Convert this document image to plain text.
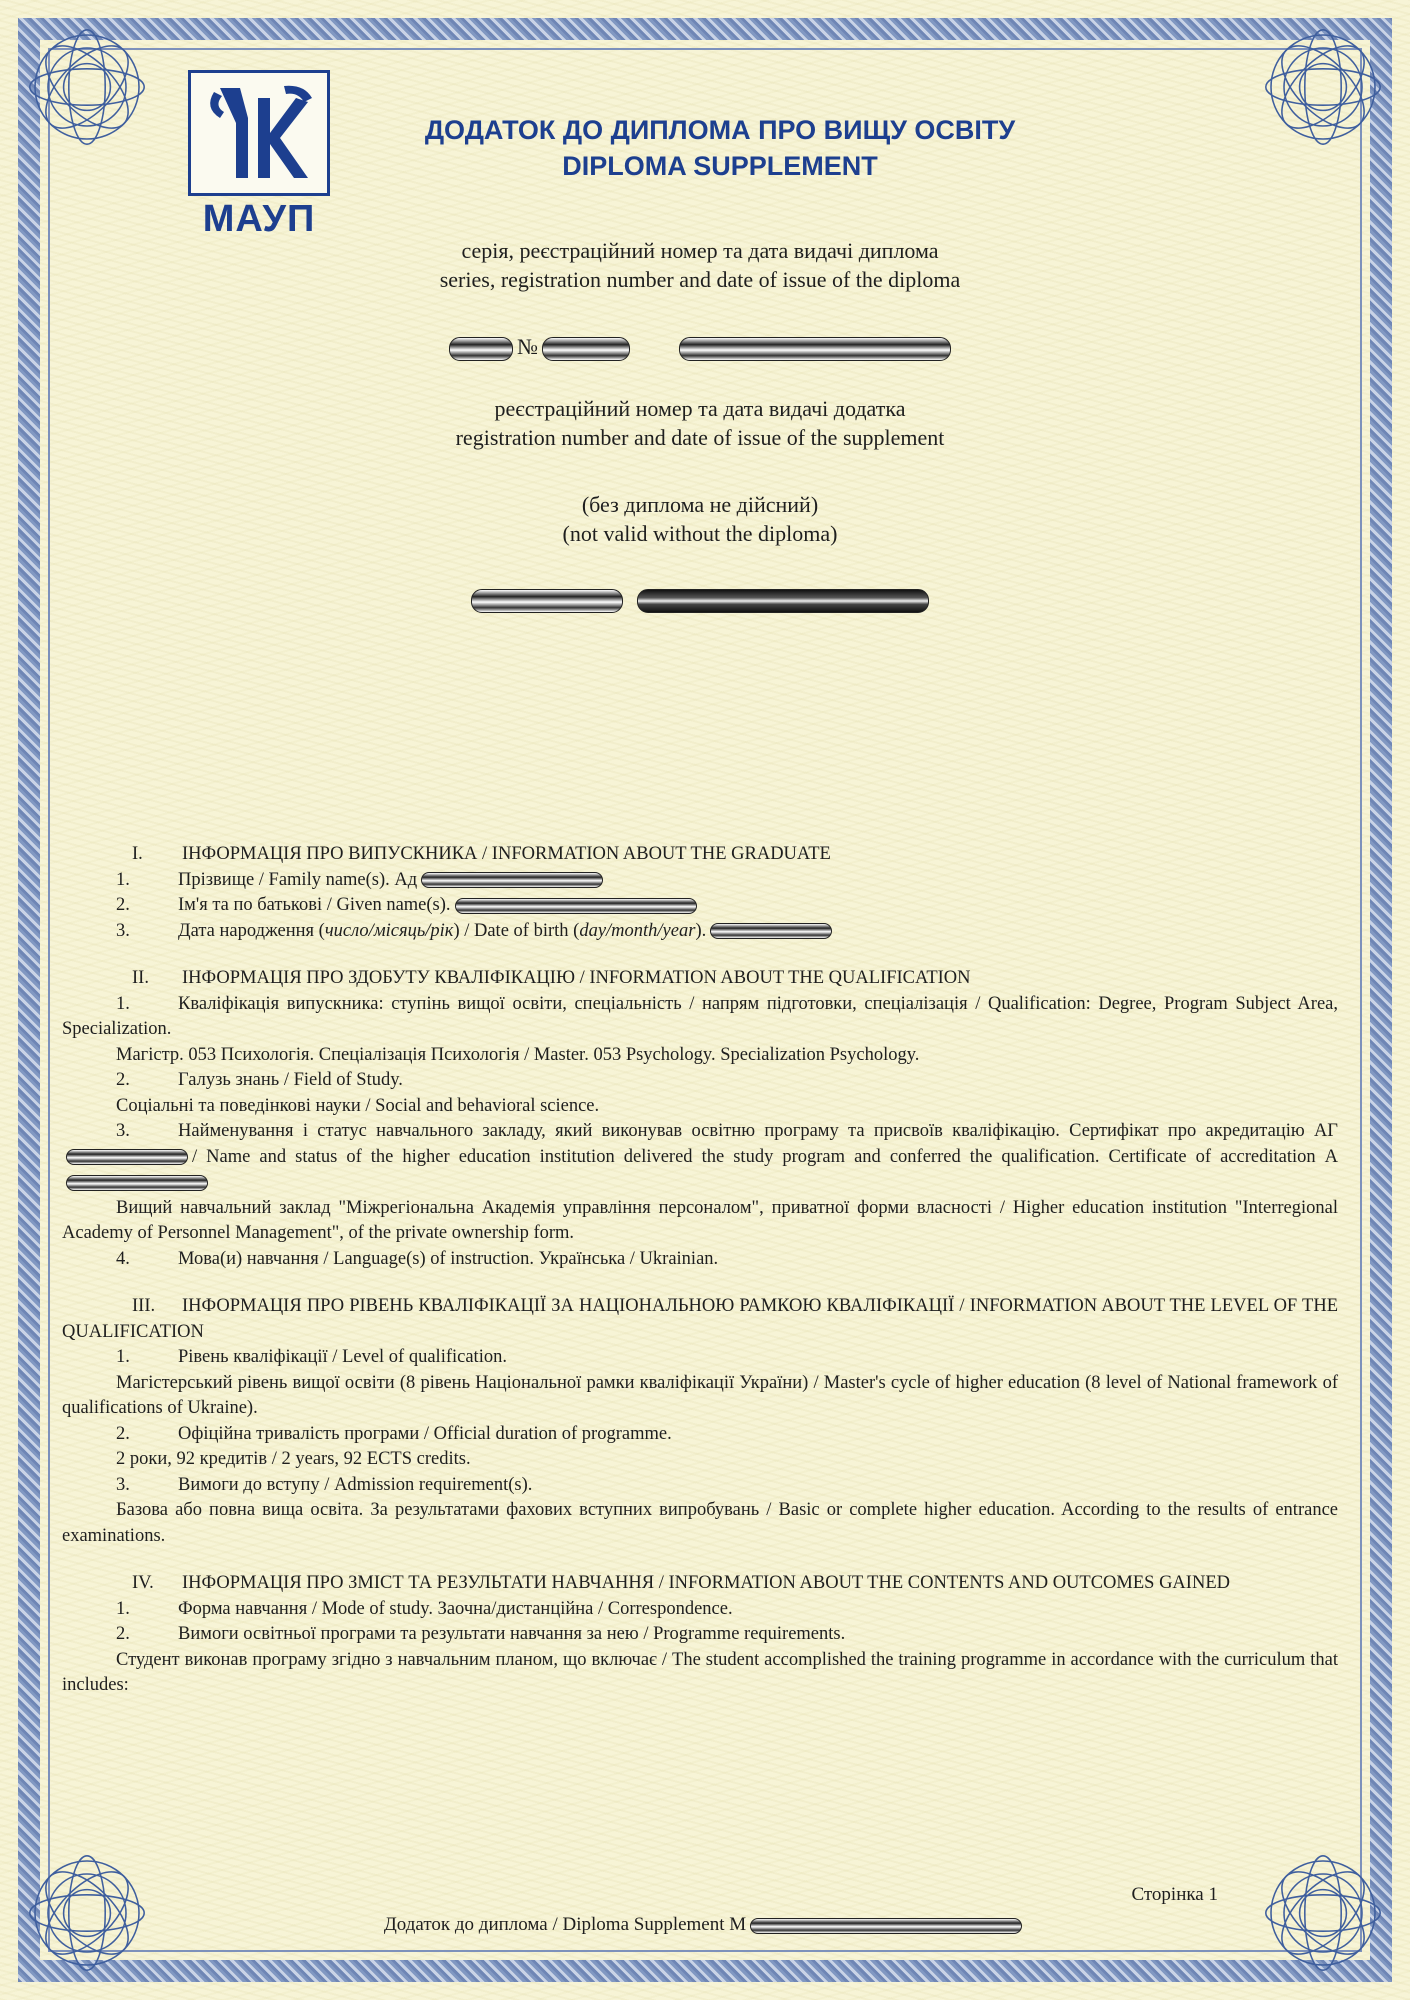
МАУП
ДОДАТОК ДО ДИПЛОМА ПРО ВИЩУ ОСВІТУ
DIPLOMA SUPPLEMENT
серія, реєстраційний номер та дата видачі диплома
series, registration number and date of issue of the diploma
№
реєстраційний номер та дата видачі додатка
registration number and date of issue of the supplement
(без диплома не дійсний)
(not valid without the diploma)

I. ІНФОРМАЦІЯ ПРО ВИПУСКНИКА / INFORMATION ABOUT THE GRADUATE

1.	Прізвище / Family name(s). Ад

2.	Ім'я та по батькові / Given name(s).

3.	Дата народження (число/місяць/рік) / Date of birth (day/month/year).

II. ІНФОРМАЦІЯ ПРО ЗДОБУТУ КВАЛІФІКАЦІЮ / INFORMATION ABOUT THE QUALIFICATION

1.	Кваліфікація випускника: ступінь вищої освіти, спеціальність / напрям підготовки, спеціалізація / Qualification: Degree, Program Subject Area, Specialization.

Магістр. 053 Психологія. Спеціалізація Психологія / Master. 053 Psychology. Specialization Psychology.

2.	Галузь знань / Field of Study.

Соціальні та поведінкові науки / Social and behavioral science.

3.	Найменування і статус навчального закладу, який виконував освітню програму та присвоїв кваліфікацію. Сертифікат про акредитацію АГ/ Name and status of the higher education institution delivered the study program and conferred the qualification. Certificate of accreditation А

Вищий навчальний заклад "Міжрегіональна Академія управління персоналом", приватної форми власності / Higher education institution "Interregional Academy of Personnel Management", of the private ownership form.

4.	Мова(и) навчання / Language(s) of instruction. Українська / Ukrainian.

III. ІНФОРМАЦІЯ ПРО РІВЕНЬ КВАЛІФІКАЦІЇ ЗА НАЦІОНАЛЬНОЮ РАМКОЮ КВАЛІФІКАЦІЇ / INFORMATION ABOUT THE LEVEL OF THE QUALIFICATION

1.	Рівень кваліфікації / Level of qualification.

Магістерський рівень вищої освіти (8 рівень Національної рамки кваліфікації України) / Master's cycle of higher education (8 level of National framework of qualifications of Ukraine).

2.	Офіційна тривалість програми / Official duration of programme.

2 роки, 92 кредитів / 2 years, 92 ECTS credits.

3.	Вимоги до вступу / Admission requirement(s).

Базова або повна вища освіта. За результатами фахових вступних випробувань / Basic or complete higher education. According to the results of entrance examinations.

IV. ІНФОРМАЦІЯ ПРО ЗМІСТ ТА РЕЗУЛЬТАТИ НАВЧАННЯ / INFORMATION ABOUT THE CONTENTS AND OUTCOMES GAINED

1.	Форма навчання / Mode of study. Заочна/дистанційна / Correspondence.

2.	Вимоги освітньої програми та результати навчання за нею / Programme requirements.

Студент виконав програму згідно з навчальним планом, що включає / The student accomplished the training programme in accordance with the curriculum that includes:

Сторінка 1
Додаток до диплома / Diploma Supplement М
